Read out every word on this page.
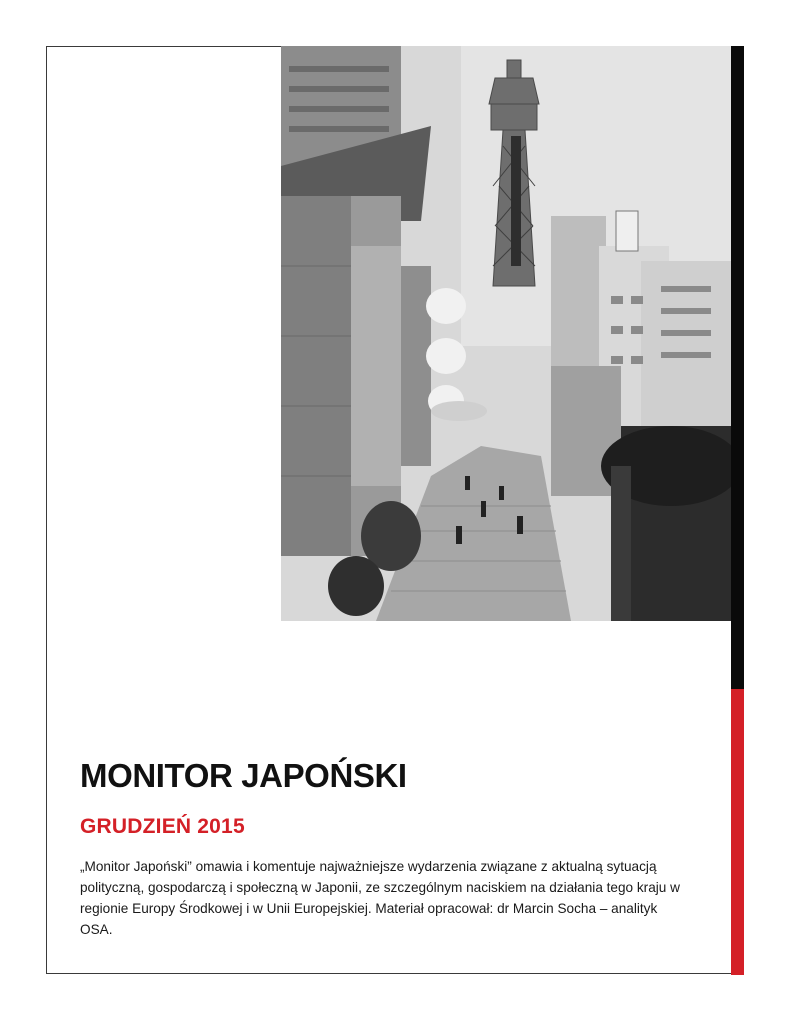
MONITOR JAPOŃSKI
GRUDZIEŃ 2015

„Monitor Japoński” omawia i komentuje najważniejsze wydarzenia związane z aktualną sytuacją polityczną, gospodarczą i społeczną w Japonii, ze szczególnym naciskiem na działania tego kraju w regionie Europy Środkowej i w Unii Europejskiej. Materiał opracował: dr Marcin Socha – analityk OSA.
